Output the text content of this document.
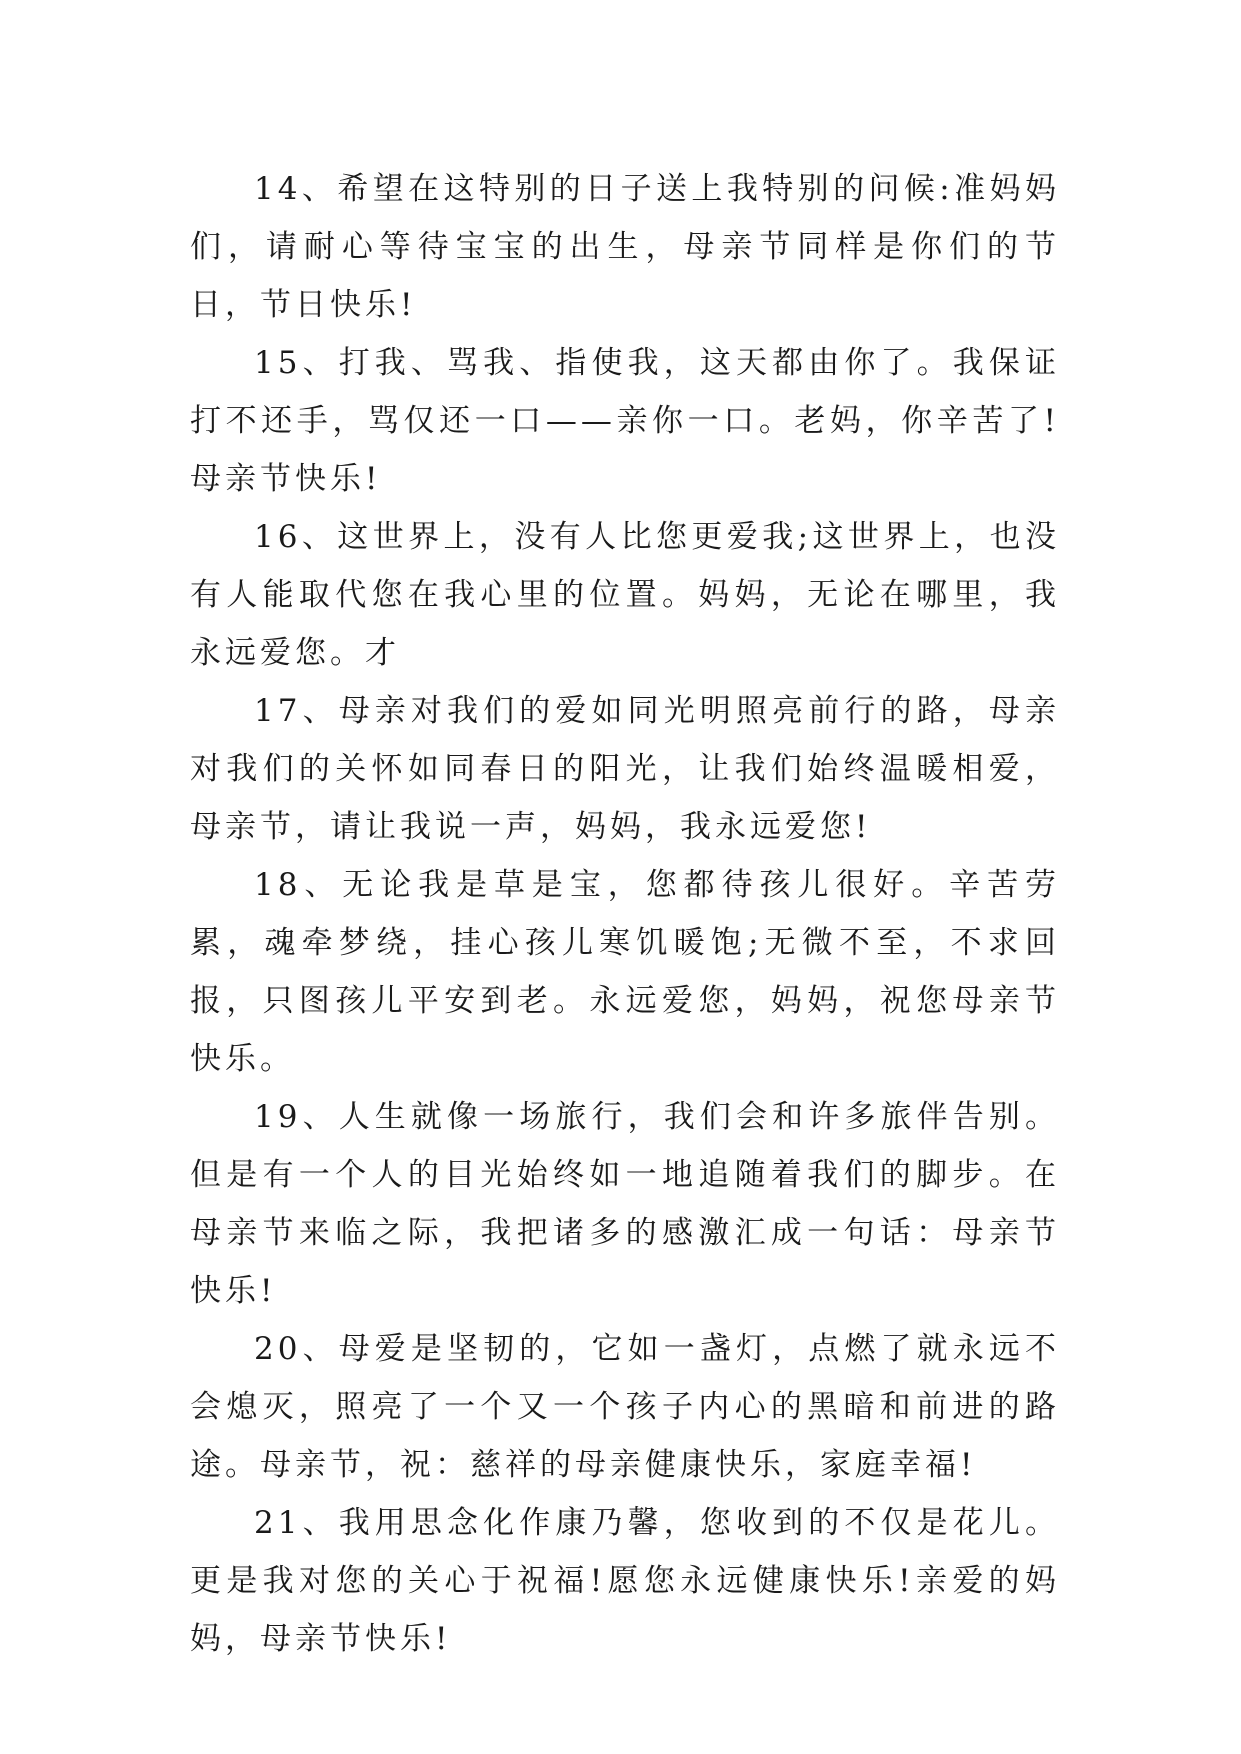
14、希望在这特别的日子送上我特别的问候:准妈妈们，请耐心等待宝宝的出生，母亲节同样是你们的节日，节日快乐!

15、打我、骂我、指使我，这天都由你了。我保证打不还手，骂仅还一口——亲你一口。老妈，你辛苦了!母亲节快乐!

16、这世界上，没有人比您更爱我;这世界上，也没有人能取代您在我心里的位置。妈妈，无论在哪里，我永远爱您。才

17、母亲对我们的爱如同光明照亮前行的路，母亲对我们的关怀如同春日的阳光，让我们始终温暖相爱，母亲节，请让我说一声，妈妈，我永远爱您!

18、无论我是草是宝，您都待孩儿很好。辛苦劳累，魂牵梦绕，挂心孩儿寒饥暖饱;无微不至，不求回报，只图孩儿平安到老。永远爱您，妈妈，祝您母亲节快乐。

19、人生就像一场旅行，我们会和许多旅伴告别。但是有一个人的目光始终如一地追随着我们的脚步。在母亲节来临之际，我把诸多的感激汇成一句话：母亲节快乐!

20、母爱是坚韧的，它如一盏灯，点燃了就永远不会熄灭，照亮了一个又一个孩子内心的黑暗和前进的路途。母亲节，祝：慈祥的母亲健康快乐，家庭幸福!

21、我用思念化作康乃馨，您收到的不仅是花儿。更是我对您的关心于祝福!愿您永远健康快乐!亲爱的妈妈，母亲节快乐!
